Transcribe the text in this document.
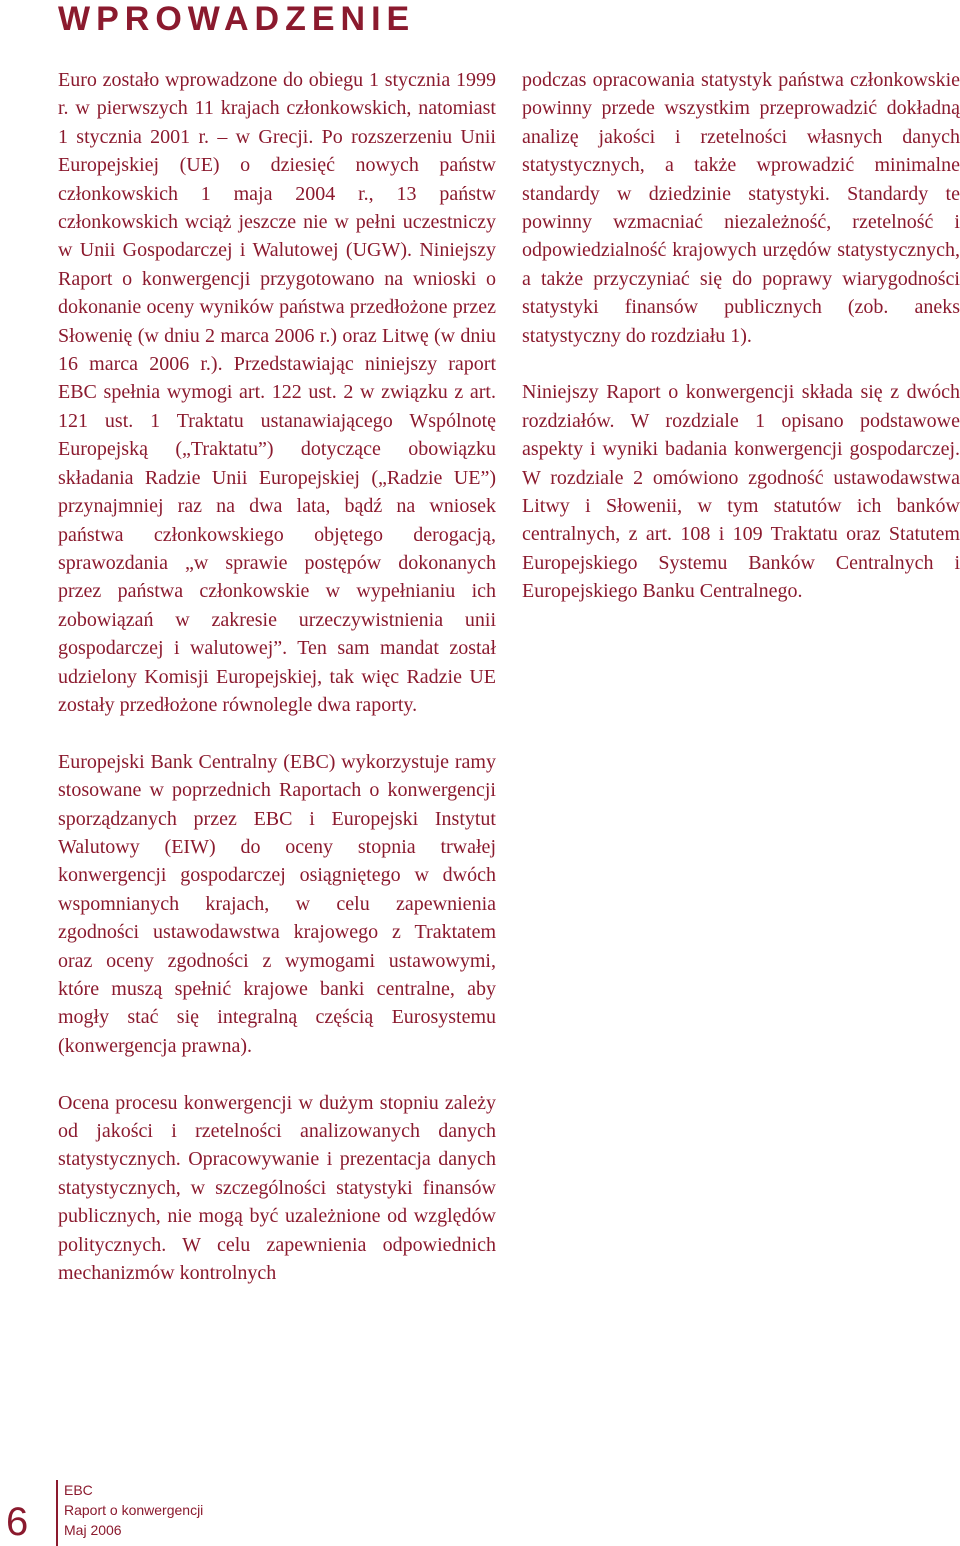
WPROWADZENIE

Euro zostało wprowadzone do obiegu 1 stycznia 1999 r. w pierwszych 11 krajach członkowskich, natomiast 1 stycznia 2001 r. – w Grecji. Po rozszerzeniu Unii Europejskiej (UE) o dziesięć nowych państw członkowskich 1 maja 2004 r., 13 państw członkowskich wciąż jeszcze nie w pełni uczestniczy w Unii Gospodarczej i Walutowej (UGW). Niniejszy Raport o konwergencji przygotowano na wnioski o dokonanie oceny wyników państwa przedłożone przez Słowenię (w dniu 2 marca 2006 r.) oraz Litwę (w dniu 16 marca 2006 r.). Przedstawiając niniejszy raport EBC spełnia wymogi art. 122 ust. 2 w związku z art. 121 ust. 1 Traktatu ustanawiającego Wspólnotę Europejską („Traktatu”) dotyczące obowiązku składania Radzie Unii Europejskiej („Radzie UE”) przynajmniej raz na dwa lata, bądź na wniosek państwa członkowskiego objętego derogacją, sprawozdania „w sprawie postępów dokonanych przez państwa członkowskie w wypełnianiu ich zobowiązań w zakresie urzeczywistnienia unii gospodarczej i walutowej”. Ten sam mandat został udzielony Komisji Europejskiej, tak więc Radzie UE zostały przedłożone równolegle dwa raporty.

Europejski Bank Centralny (EBC) wykorzystuje ramy stosowane w poprzednich Raportach o konwergencji sporządzanych przez EBC i Europejski Instytut Walutowy (EIW) do oceny stopnia trwałej konwergencji gospodarczej osiągniętego w dwóch wspomnianych krajach, w celu zapewnienia zgodności ustawodawstwa krajowego z Traktatem oraz oceny zgodności z wymogami ustawowymi, które muszą spełnić krajowe banki centralne, aby mogły stać się integralną częścią Eurosystemu (konwergencja prawna).

Ocena procesu konwergencji w dużym stopniu zależy od jakości i rzetelności analizowanych danych statystycznych. Opracowywanie i prezentacja danych statystycznych, w szczególności statystyki finansów publicznych, nie mogą być uzależnione od względów politycznych. W celu zapewnienia odpowiednich mechanizmów kontrolnych

podczas opracowania statystyk państwa członkowskie powinny przede wszystkim przeprowadzić dokładną analizę jakości i rzetelności własnych danych statystycznych, a także wprowadzić minimalne standardy w dziedzinie statystyki. Standardy te powinny wzmacniać niezależność, rzetelność i odpowiedzialność krajowych urzędów statystycznych, a także przyczyniać się do poprawy wiarygodności statystyki finansów publicznych (zob. aneks statystyczny do rozdziału 1).

Niniejszy Raport o konwergencji składa się z dwóch rozdziałów. W rozdziale 1 opisano podstawowe aspekty i wyniki badania konwergencji gospodarczej. W rozdziale 2 omówiono zgodność ustawodawstwa Litwy i Słowenii, w tym statutów ich banków centralnych, z art. 108 i 109 Traktatu oraz Statutem Europejskiego Systemu Banków Centralnych i Europejskiego Banku Centralnego.

6
EBC
Raport o konwergencji
Maj 2006
